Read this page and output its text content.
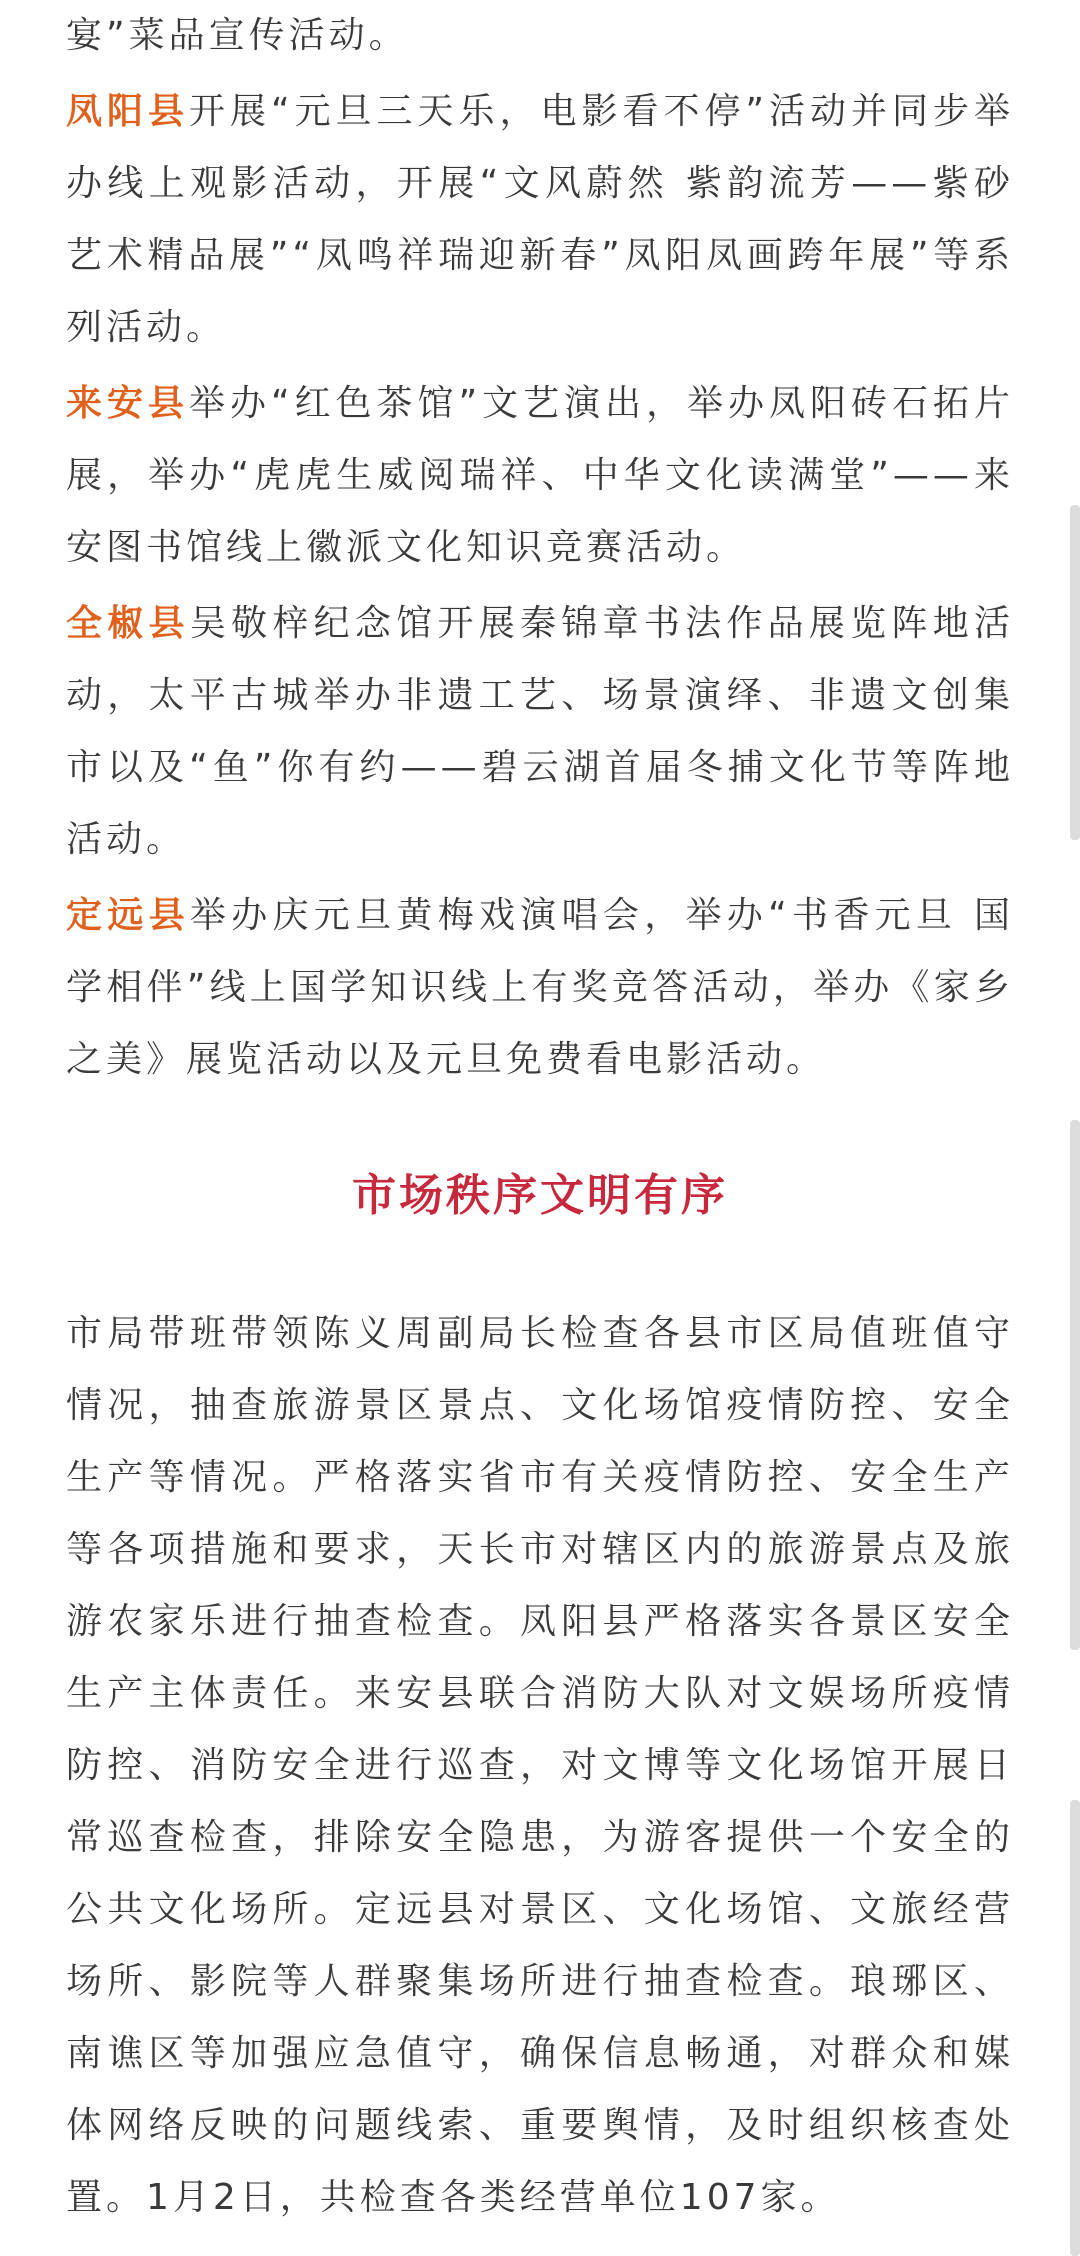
宴”菜品宣传活动。

凤阳县开展“元旦三天乐，电影看不停”活动并同步举办线上观影活动，开展“文风蔚然 紫韵流芳——紫砂艺术精品展”“凤鸣祥瑞迎新春”凤阳凤画跨年展”等系列活动。

来安县举办“红色茶馆”文艺演出，举办凤阳砖石拓片展，举办“虎虎生威阅瑞祥、中华文化读满堂”——来安图书馆线上徽派文化知识竞赛活动。

全椒县吴敬梓纪念馆开展秦锦章书法作品展览阵地活动，太平古城举办非遗工艺、场景演绎、非遗文创集市以及“鱼”你有约——碧云湖首届冬捕文化节等阵地活动。

定远县举办庆元旦黄梅戏演唱会，举办“书香元旦 国学相伴”线上国学知识线上有奖竞答活动，举办《家乡之美》展览活动以及元旦免费看电影活动。

市场秩序文明有序

市局带班带领陈义周副局长检查各县市区局值班值守情况，抽查旅游景区景点、文化场馆疫情防控、安全生产等情况。严格落实省市有关疫情防控、安全生产等各项措施和要求，天长市对辖区内的旅游景点及旅游农家乐进行抽查检查。凤阳县严格落实各景区安全生产主体责任。来安县联合消防大队对文娱场所疫情防控、消防安全进行巡查，对文博等文化场馆开展日常巡查检查，排除安全隐患，为游客提供一个安全的公共文化场所。定远县对景区、文化场馆、文旅经营场所、影院等人群聚集场所进行抽查检查。琅琊区、南谯区等加强应急值守，确保信息畅通，对群众和媒体网络反映的问题线索、重要舆情，及时组织核查处置。1月2日，共检查各类经营单位107家。
